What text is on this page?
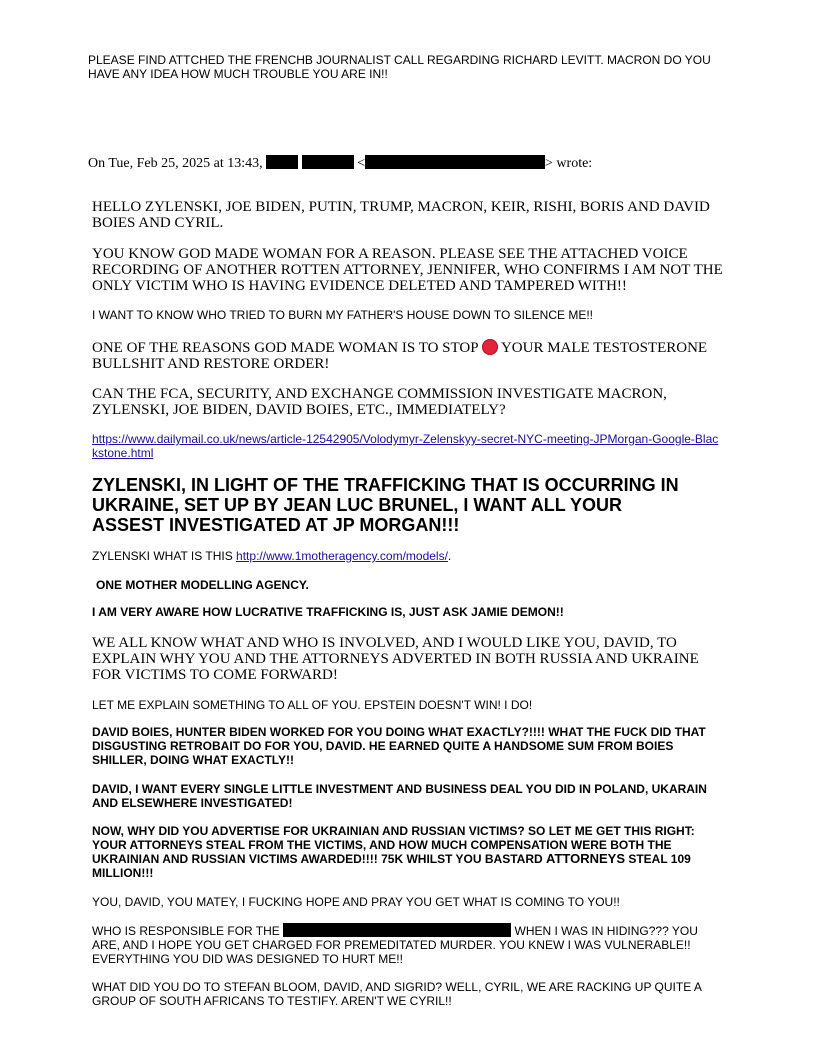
PLEASE FIND ATTCHED THE FRENCHB JOURNALIST CALL REGARDING RICHARD LEVITT. MACRON DO YOU HAVE ANY IDEA HOW MUCH TROUBLE YOU ARE IN!!
On Tue, Feb 25, 2025 at 13:43,	<	> wrote:
HELLO ZYLENSKI, JOE BIDEN, PUTIN, TRUMP, MACRON, KEIR, RISHI, BORIS AND DAVID BOIES AND CYRIL.
YOU KNOW GOD MADE WOMAN FOR A REASON. PLEASE SEE THE ATTACHED VOICE RECORDING OF ANOTHER ROTTEN ATTORNEY, JENNIFER, WHO CONFIRMS I AM NOT THE ONLY VICTIM WHO IS HAVING EVIDENCE DELETED AND TAMPERED WITH!!
I WANT TO KNOW WHO TRIED TO BURN MY FATHER'S HOUSE DOWN TO SILENCE ME!!
ONE OF THE REASONS GOD MADE WOMAN IS TO STOP YOUR MALE TESTOSTERONE BULLSHIT AND RESTORE ORDER!
CAN THE FCA, SECURITY, AND EXCHANGE COMMISSION INVESTIGATE MACRON, ZYLENSKI, JOE BIDEN, DAVID BOIES, ETC., IMMEDIATELY?
https://www.dailymail.co.uk/news/article-12542905/Volodymyr-Zelenskyy-secret-NYC-meeting-JPMorgan-Google-Blackstone.html
ZYLENSKI, IN LIGHT OF THE TRAFFICKING THAT IS OCCURRING IN UKRAINE, SET UP BY JEAN LUC BRUNEL, I WANT ALL YOUR ASSEST INVESTIGATED AT JP MORGAN!!!
ZYLENSKI WHAT IS THIS http://www.1motheragency.com/models/.
ONE MOTHER MODELLING AGENCY.
I AM VERY AWARE HOW LUCRATIVE TRAFFICKING IS, JUST ASK JAMIE DEMON!!
WE ALL KNOW WHAT AND WHO IS INVOLVED, AND I WOULD LIKE YOU, DAVID, TO EXPLAIN WHY YOU AND THE ATTORNEYS ADVERTED IN BOTH RUSSIA AND UKRAINE FOR VICTIMS TO COME FORWARD!
LET ME EXPLAIN SOMETHING TO ALL OF YOU. EPSTEIN DOESN'T WIN! I DO!
DAVID BOIES, HUNTER BIDEN WORKED FOR YOU DOING WHAT EXACTLY?!!!! WHAT THE FUCK DID THAT DISGUSTING RETROBAIT DO FOR YOU, DAVID. HE EARNED QUITE A HANDSOME SUM FROM BOIES SHILLER, DOING WHAT EXACTLY!!
DAVID, I WANT EVERY SINGLE LITTLE INVESTMENT AND BUSINESS DEAL YOU DID IN POLAND, UKARAIN AND ELSEWHERE INVESTIGATED!
NOW, WHY DID YOU ADVERTISE FOR UKRAINIAN AND RUSSIAN VICTIMS? SO LET ME GET THIS RIGHT: YOUR ATTORNEYS STEAL FROM THE VICTIMS, AND HOW MUCH COMPENSATION WERE BOTH THE UKRAINIAN AND RUSSIAN VICTIMS AWARDED!!!! 75K WHILST YOU BASTARD ATTORNEYS STEAL 109 MILLION!!!
YOU, DAVID, YOU MATEY, I FUCKING HOPE AND PRAY YOU GET WHAT IS COMING TO YOU!!
WHO IS RESPONSIBLE FOR THE	WHEN I WAS IN HIDING??? YOU ARE, AND I HOPE YOU GET CHARGED FOR PREMEDITATED MURDER. YOU KNEW I WAS VULNERABLE!! EVERYTHING YOU DID WAS DESIGNED TO HURT ME!!
WHAT DID YOU DO TO STEFAN BLOOM, DAVID, AND SIGRID? WELL, CYRIL, WE ARE RACKING UP QUITE A GROUP OF SOUTH AFRICANS TO TESTIFY. AREN'T WE CYRIL!!
